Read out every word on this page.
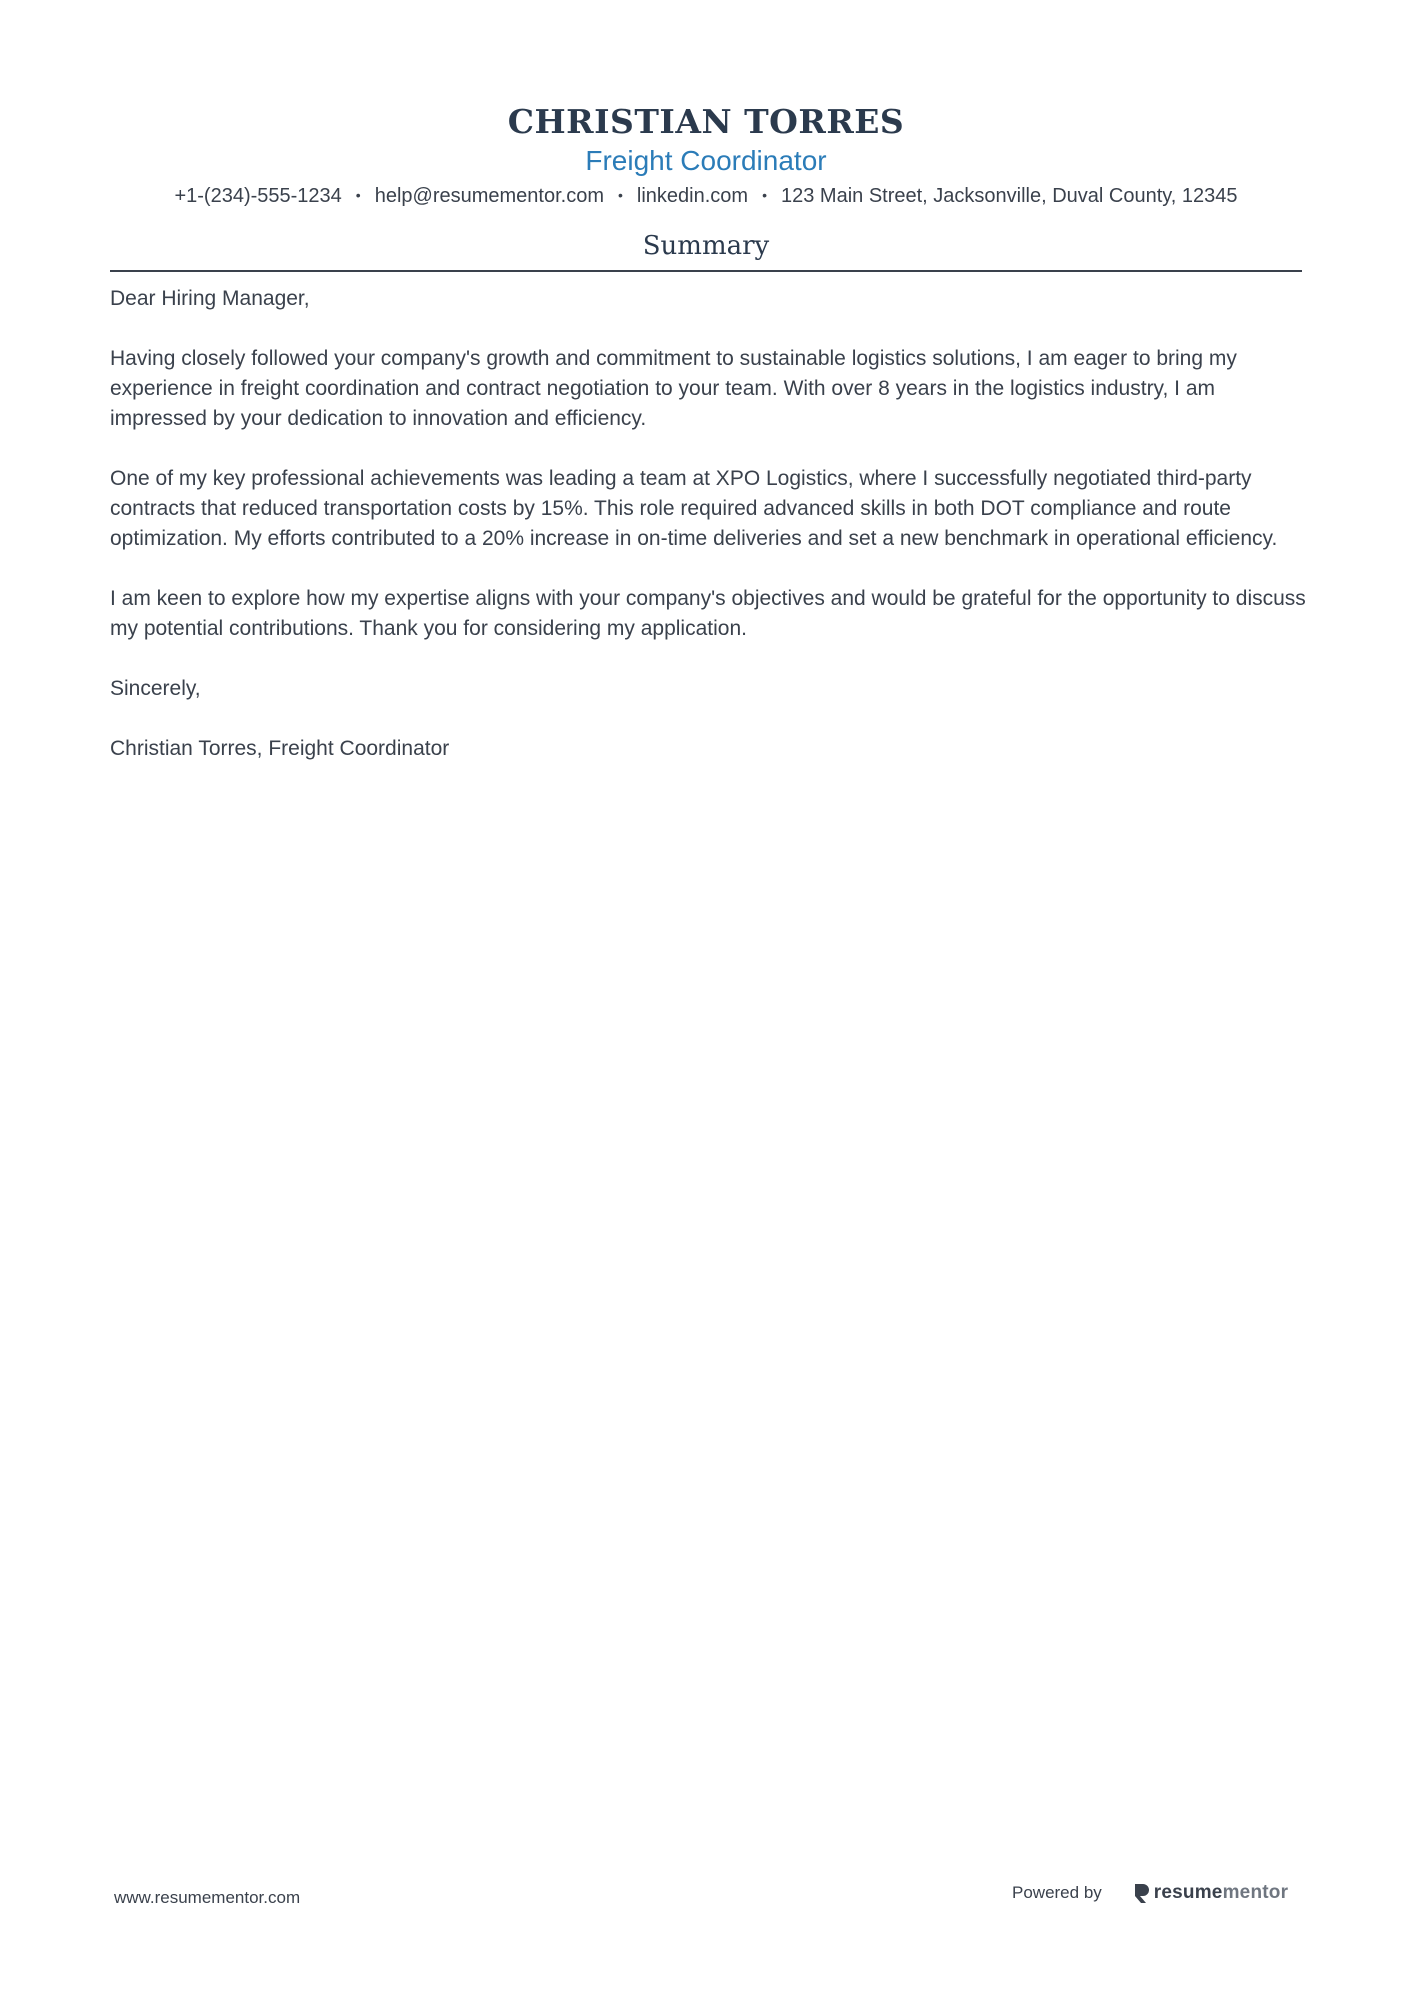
CHRISTIAN TORRES
Freight Coordinator
+1-(234)-555-1234 • help@resumementor.com • linkedin.com • 123 Main Street, Jacksonville, Duval County, 12345
Summary

Dear Hiring Manager,

Having closely followed your company's growth and commitment to sustainable logistics solutions, I am eager to bring my experience in freight coordination and contract negotiation to your team. With over 8 years in the logistics industry, I am impressed by your dedication to innovation and efficiency.

One of my key professional achievements was leading a team at XPO Logistics, where I successfully negotiated third-party contracts that reduced transportation costs by 15%. This role required advanced skills in both DOT compliance and route optimization. My efforts contributed to a 20% increase in on-time deliveries and set a new benchmark in operational efficiency.

I am keen to explore how my expertise aligns with your company's objectives and would be grateful for the opportunity to discuss my potential contributions. Thank you for considering my application.

Sincerely,

Christian Torres, Freight Coordinator

www.resumementor.com	Powered by	resume mentor
